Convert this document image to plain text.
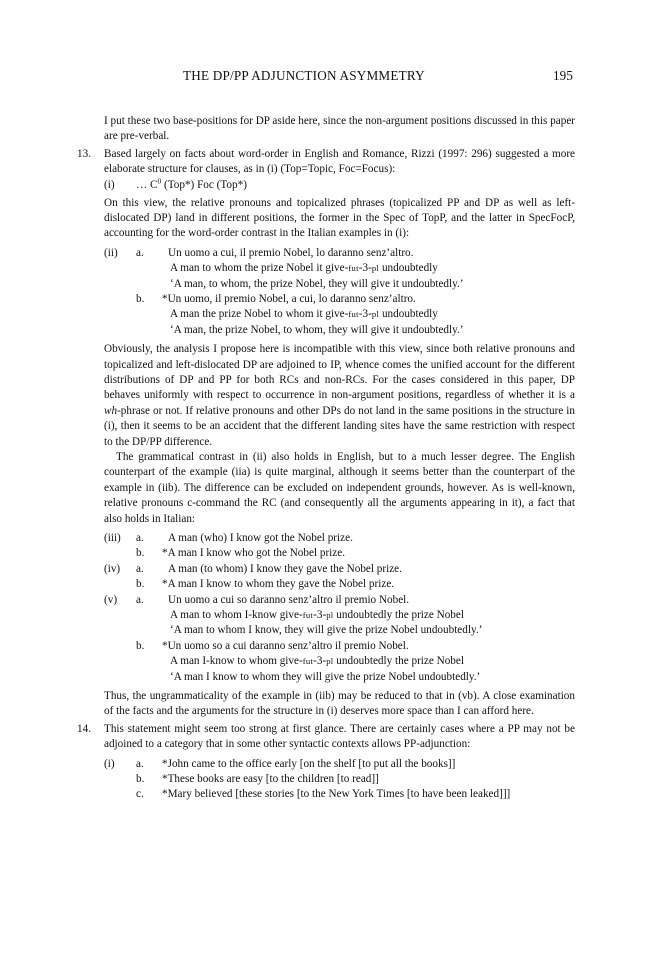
THE DP/PP ADJUNCTION ASYMMETRY	195
I put these two base-positions for DP aside here, since the non-argument positions discussed in this paper are pre-verbal.
13. Based largely on facts about word-order in English and Romance, Rizzi (1997: 296) suggested a more elaborate structure for clauses, as in (i) (Top=Topic, Foc=Focus):
(i) … $C^0$ (Top*) Foc (Top*)
On this view, the relative pronouns and topicalized phrases (topicalized PP and DP as well as left-dislocated DP) land in different positions, the former in the Spec of TopP, and the latter in SpecFocP, accounting for the word-order contrast in the Italian examples in (i):
(ii) a. Un uomo a cui, il premio Nobel, lo daranno senz’altro.
A man to whom the prize Nobel it give-fut-3-pl undoubtedly
‘A man, to whom, the prize Nobel, they will give it undoubtedly.’
b. *Un uomo, il premio Nobel, a cui, lo daranno senz’altro.
A man the prize Nobel to whom it give-fut-3-pl undoubtedly
‘A man, the prize Nobel, to whom, they will give it undoubtedly.’
Obviously, the analysis I propose here is incompatible with this view, since both relative pronouns and topicalized and left-dislocated DP are adjoined to IP, whence comes the unified account for the different distributions of DP and PP for both RCs and non-RCs. For the cases considered in this paper, DP behaves uniformly with respect to occurrence in non-argument positions, regardless of whether it is a wh-phrase or not. If relative pronouns and other DPs do not land in the same positions in the structure in (i), then it seems to be an accident that the different landing sites have the same restriction with respect to the DP/PP difference.
The grammatical contrast in (ii) also holds in English, but to a much lesser degree. The English counterpart of the example (iia) is quite marginal, although it seems better than the counterpart of the example in (iib). The difference can be excluded on independent grounds, however. As is well-known, relative pronouns c-command the RC (and consequently all the arguments appearing in it), a fact that also holds in Italian:
(iii) a. A man (who) I know got the Nobel prize.
b. *A man I know who got the Nobel prize.
(iv) a. A man (to whom) I know they gave the Nobel prize.
b. *A man I know to whom they gave the Nobel prize.
(v) a. Un uomo a cui so daranno senz’altro il premio Nobel.
A man to whom I-know give-fut-3-pl undoubtedly the prize Nobel
‘A man to whom I know, they will give the prize Nobel undoubtedly.’
b. *Un uomo so a cui daranno senz’altro il premio Nobel.
A man I-know to whom give-fut-3-pl undoubtedly the prize Nobel
‘A man I know to whom they will give the prize Nobel undoubtedly.’
Thus, the ungrammaticality of the example in (iib) may be reduced to that in (vb). A close examination of the facts and the arguments for the structure in (i) deserves more space than I can afford here.
14. This statement might seem too strong at first glance. There are certainly cases where a PP may not be adjoined to a category that in some other syntactic contexts allows PP-adjunction:
(i) a. *John came to the office early [on the shelf [to put all the books]]
b. *These books are easy [to the children [to read]]
c. *Mary believed [these stories [to the New York Times [to have been leaked]]]
